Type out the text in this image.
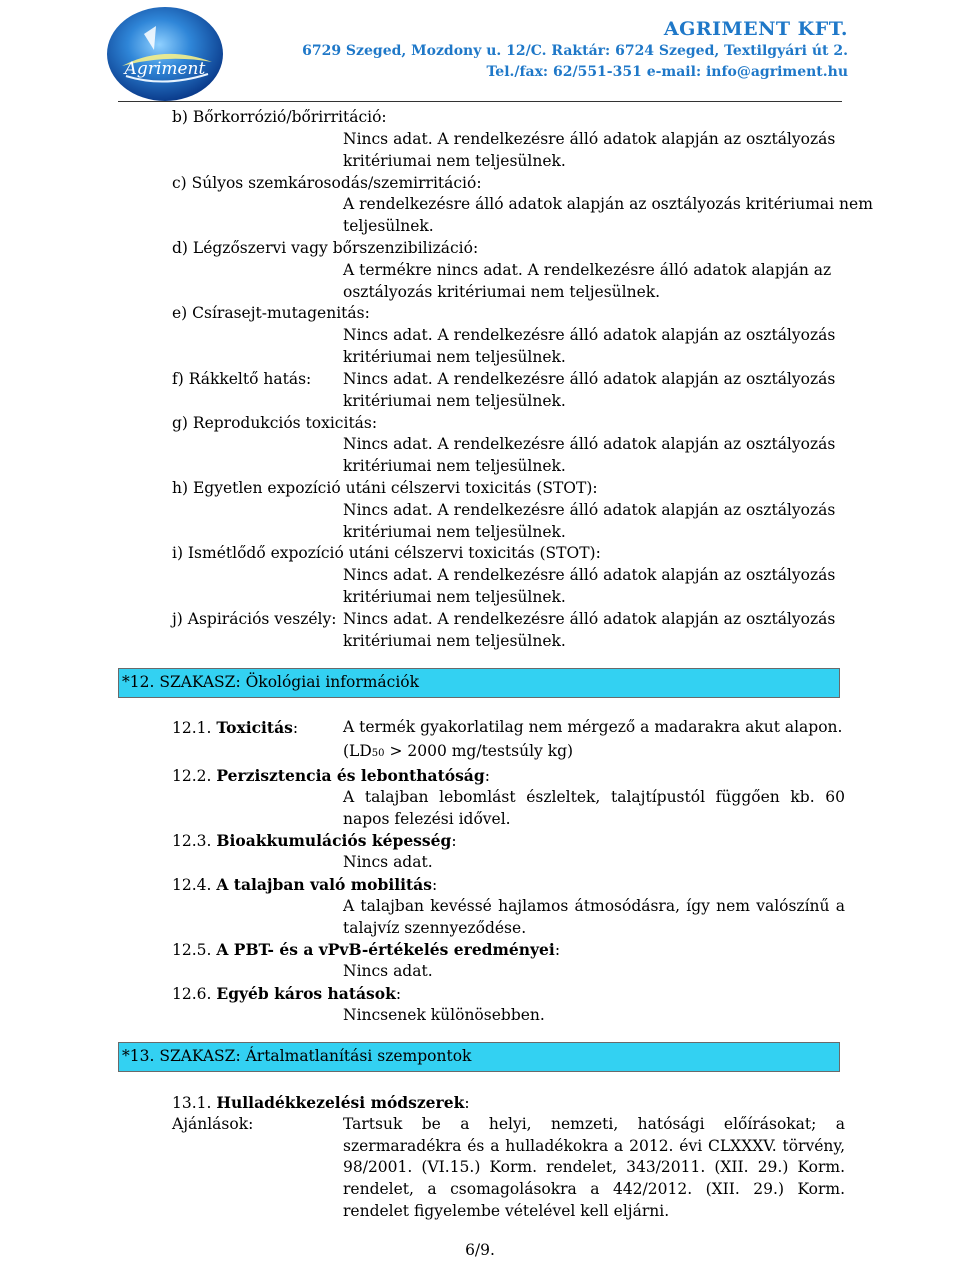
Agriment
AGRIMENT KFT.
6729 Szeged, Mozdony u. 12/C. Raktár: 6724 Szeged, Textilgyári út 2.
Tel./fax: 62/551-351 e-mail: info@agriment.hu
b) Bőrkorrózió/bőrirritáció:
Nincs adat. A rendelkezésre álló adatok alapján az osztályozás
kritériumai nem teljesülnek.
c) Súlyos szemkárosodás/szemirritáció:
A rendelkezésre álló adatok alapján az osztályozás kritériumai nem
teljesülnek.
d) Légzőszervi vagy bőrszenzibilizáció:
A termékre nincs adat. A rendelkezésre álló adatok alapján az
osztályozás kritériumai nem teljesülnek.
e) Csírasejt-mutagenitás:
Nincs adat. A rendelkezésre álló adatok alapján az osztályozás
kritériumai nem teljesülnek.
f) Rákkeltő hatás: Nincs adat. A rendelkezésre álló adatok alapján az osztályozás
kritériumai nem teljesülnek.
g) Reprodukciós toxicitás:
Nincs adat. A rendelkezésre álló adatok alapján az osztályozás
kritériumai nem teljesülnek.
h) Egyetlen expozíció utáni célszervi toxicitás (STOT):
Nincs adat. A rendelkezésre álló adatok alapján az osztályozás
kritériumai nem teljesülnek.
i) Ismétlődő expozíció utáni célszervi toxicitás (STOT):
Nincs adat. A rendelkezésre álló adatok alapján az osztályozás
kritériumai nem teljesülnek.
j) Aspirációs veszély: Nincs adat. A rendelkezésre álló adatok alapján az osztályozás
kritériumai nem teljesülnek.
*12. SZAKASZ: Ökológiai információk
12.1. Toxicitás:	A termék gyakorlatilag nem mérgező a madarakra akut alapon.
(LD50 > 2000 mg/testsúly kg)
12.2. Perzisztencia és lebonthatóság:
A talajban lebomlást észleltek, talajtípustól függően kb. 60 napos felezési idővel.
12.3. Bioakkumulációs képesség:
Nincs adat.
12.4. A talajban való mobilitás:
A talajban kevéssé hajlamos átmosódásra, így nem valószínű a talajvíz szennyeződése.
12.5. A PBT- és a vPvB-értékelés eredményei:
Nincs adat.
12.6. Egyéb káros hatások:
Nincsenek különösebben.
*13. SZAKASZ: Ártalmatlanítási szempontok
13.1. Hulladékkezelési módszerek:
Ajánlások:	Tartsuk be a helyi, nemzeti, hatósági előírásokat; a szermaradékra és a hulladékokra a 2012. évi CLXXXV. törvény, 98/2001. (VI.15.) Korm. rendelet, 343/2011. (XII. 29.) Korm. rendelet, a csomagolásokra a 442/2012. (XII. 29.) Korm. rendelet figyelembe vételével kell eljárni.
6/9.
